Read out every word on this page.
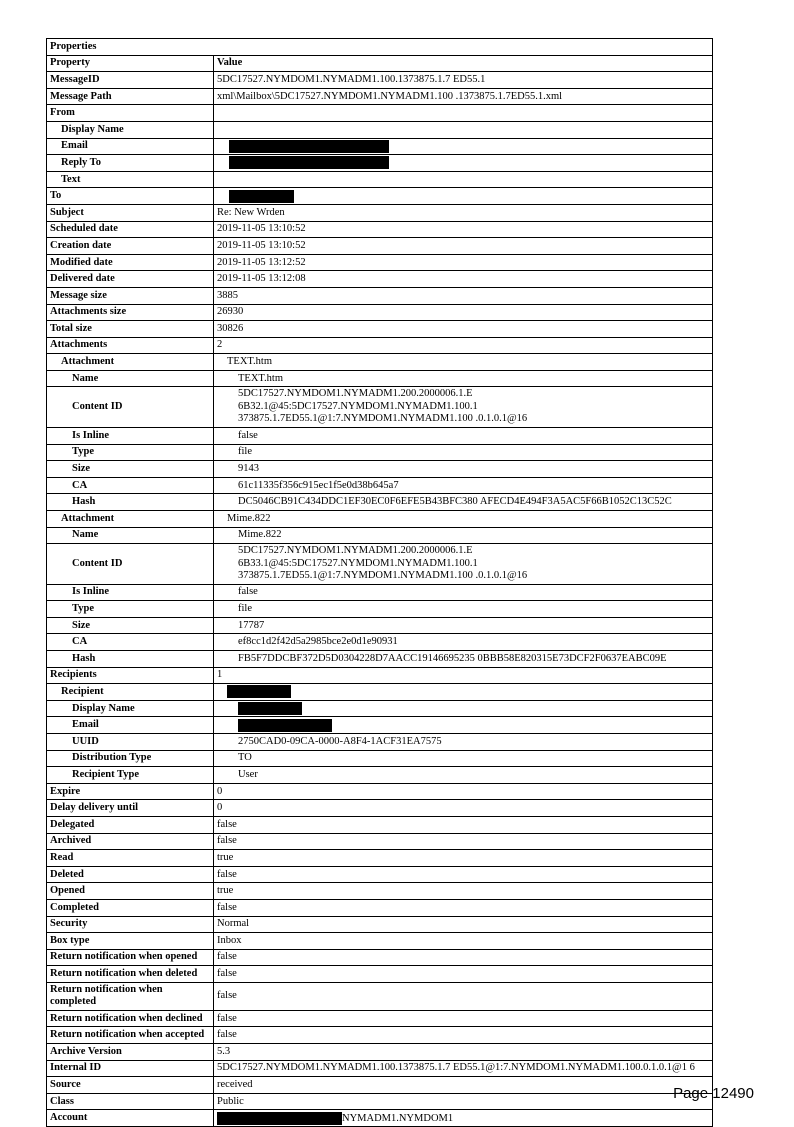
Properties	
Property	Value
MessageID	5DC17527.NYMDOM1.NYMADM1.100.1373875.1.7 ED55.1
Message Path	xml\Mailbox\5DC17527.NYMDOM1.NYMADM1.100 .1373875.1.7ED55.1.xml
From	
Display Name	
Email	
Reply To	
Text	
To	
Subject	Re: New Wrden
Scheduled date	2019-11-05 13:10:52
Creation date	2019-11-05 13:10:52
Modified date	2019-11-05 13:12:52
Delivered date	2019-11-05 13:12:08
Message size	3885
Attachments size	26930
Total size	30826
Attachments	2
Attachment	TEXT.htm
Name	TEXT.htm
Content ID	5DC17527.NYMDOM1.NYMADM1.200.2000006.1.E
6B32.1@45:5DC17527.NYMDOM1.NYMADM1.100.1
373875.1.7ED55.1@1:7.NYMDOM1.NYMADM1.100 .0.1.0.1@16

Is Inline	false
Type	file
Size	9143
CA	61c11335f356c915ec1f5e0d38b645a7
Hash	DC5046CB91C434DDC1EF30EC0F6EFE5B43BFC380 AFECD4E494F3A5AC5F66B1052C13C52C
Attachment	Mime.822
Name	Mime.822
Content ID	5DC17527.NYMDOM1.NYMADM1.200.2000006.1.E
6B33.1@45:5DC17527.NYMDOM1.NYMADM1.100.1
373875.1.7ED55.1@1:7.NYMDOM1.NYMADM1.100 .0.1.0.1@16

Is Inline	false
Type	file
Size	17787
CA	ef8cc1d2f42d5a2985bce2e0d1e90931
Hash	FB5F7DDCBF372D5D0304228D7AACC19146695235 0BBB58E820315E73DCF2F0637EABC09E
Recipients	1
Recipient	
Display Name	
Email	
UUID	2750CAD0-09CA-0000-A8F4-1ACF31EA7575
Distribution Type	TO
Recipient Type	User
Expire	0
Delay delivery until	0
Delegated	false
Archived	false
Read	true
Deleted	false
Opened	true
Completed	false
Security	Normal
Box type	Inbox
Return notification when opened	false
Return notification when deleted	false
Return notification when completed	false
Return notification when declined	false
Return notification when accepted	false
Archive Version	5.3
Internal ID	5DC17527.NYMDOM1.NYMADM1.100.1373875.1.7 ED55.1@1:7.NYMDOM1.NYMADM1.100.0.1.0.1@1 6
Source	received
Class	Public
Account	NYMADM1.NYMDOM1
Page 12490
